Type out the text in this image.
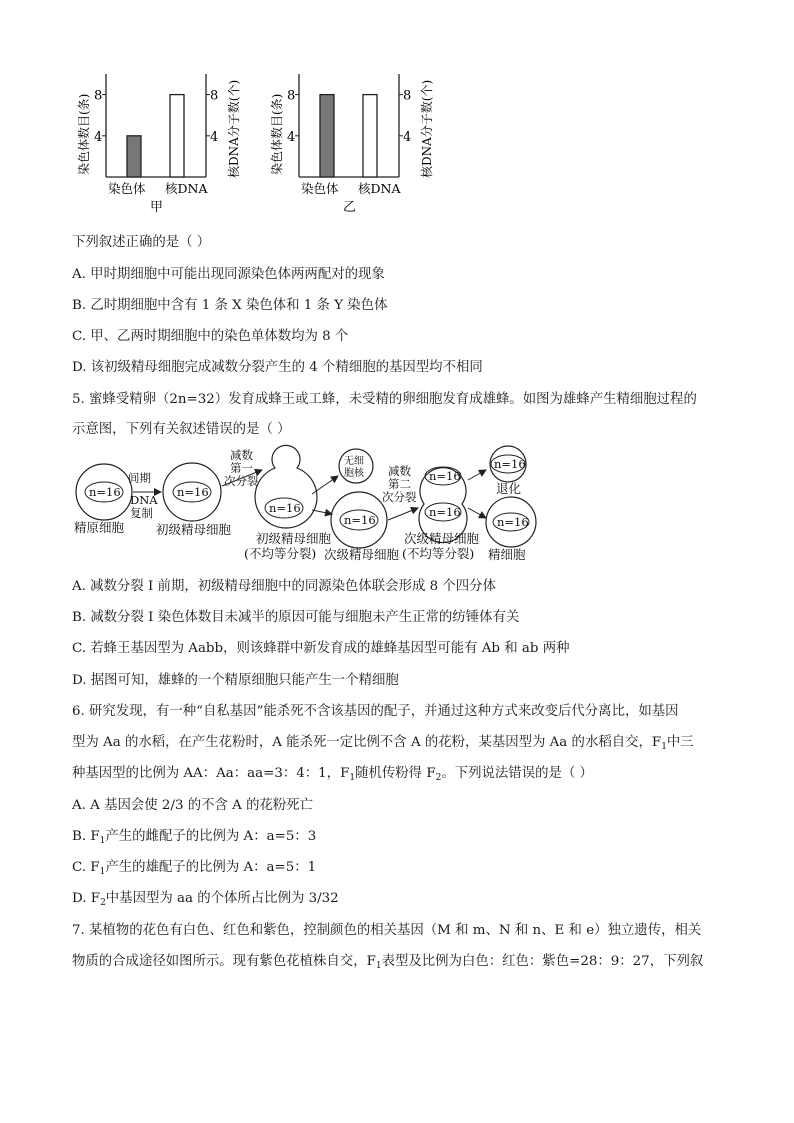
染色体数目(条)	核DNA分子数(个)
4	4
8	8
染色体 核DNA
甲
染色体数目(条)	核DNA分子数(个)
4	4
8	8
染色体 核DNA
乙
下列叙述正确的是（ ）
A. 甲时期细胞中可能出现同源染色体两两配对的现象
B. 乙时期细胞中含有 1 条 X 染色体和 1 条 Y 染色体
C. 甲、乙两时期细胞中的染色单体数均为 8 个
D. 该初级精母细胞完成减数分裂产生的 4 个精细胞的基因型均不相同
5. 蜜蜂受精卵（2n=32）发育成蜂王或工蜂，未受精的卵细胞发育成雄蜂。如图为雄蜂产生精细胞过程的
示意图，下列有关叙述错误的是（ ）
n=16
间期
DNA
复制
精原细胞
n=16
初级精母细胞
减数
第一
次分裂
n=16
初级精母细胞
(不均等分裂)
无细
胞核
n=16
次级精母细胞
减数
第二
次分裂
n=16
n=16
次级精母细胞
(不均等分裂)
n=16
退化
n=16
精细胞
A. 减数分裂 I 前期，初级精母细胞中的同源染色体联会形成 8 个四分体
B. 减数分裂 I 染色体数目未减半的原因可能与细胞未产生正常的纺锤体有关
C. 若蜂王基因型为 Aabb，则该蜂群中新发育成的雄蜂基因型可能有 Ab 和 ab 两种
D. 据图可知，雄蜂的一个精原细胞只能产生一个精细胞
6. 研究发现，有一种“自私基因”能杀死不含该基因的配子，并通过这种方式来改变后代分离比，如基因
型为 Aa 的水稻，在产生花粉时，A 能杀死一定比例不含 A 的花粉，某基因型为 Aa 的水稻自交，$F_1$中三
种基因型的比例为 AA：Aa：aa=3：4：1，$F_1$随机传粉得 $F_2$。下列说法错误的是（ ）
A. A 基因会使 2/3 的不含 A 的花粉死亡
B. $F_1$产生的雌配子的比例为 A：a=5：3
C. $F_1$产生的雄配子的比例为 A：a=5：1
D. $F_2$中基因型为 aa 的个体所占比例为 3/32
7. 某植物的花色有白色、红色和紫色，控制颜色的相关基因（M 和 m、N 和 n、E 和 e）独立遗传，相关
物质的合成途径如图所示。现有紫色花植株自交，$F_1$表型及比例为白色：红色：紫色=28：9：27，下列叙
